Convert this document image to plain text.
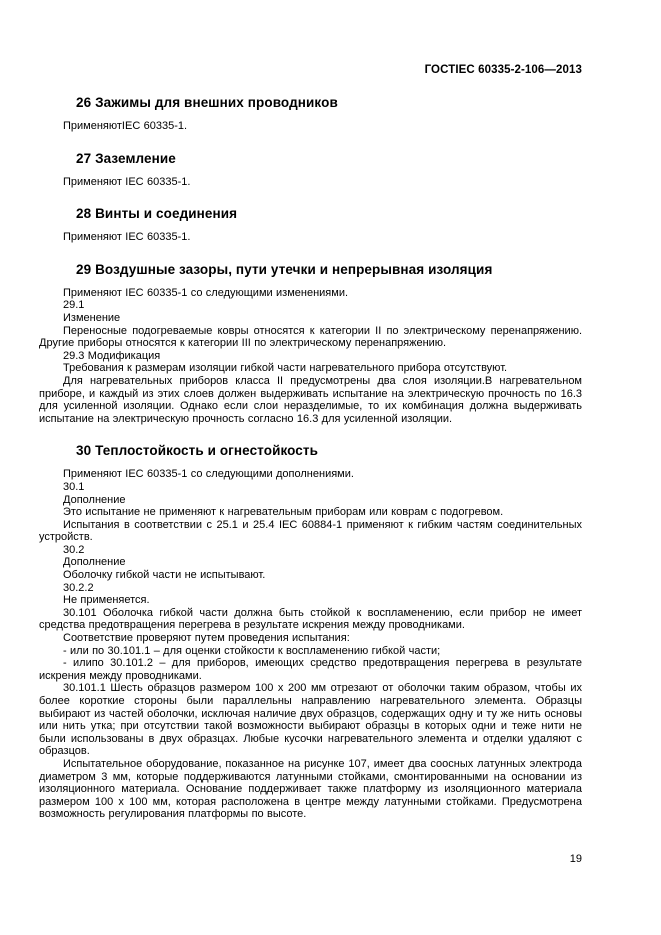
ГОСТIEC 60335-2-106—2013
26 Зажимы для внешних проводников

ПрименяютIEC 60335-1.

27 Заземление

Применяют IEC 60335-1.

28 Винты и соединения

Применяют IEC 60335-1.

29 Воздушные зазоры, пути утечки и непрерывная изоляция

Применяют IEC 60335-1 со следующими изменениями.

29.1

Изменение

Переносные подогреваемые ковры относятся к категории II по электрическому перенапряжению. Другие приборы относятся к категории III по электрическому перенапряжению.

29.3 Модификация

Требования к размерам изоляции гибкой части нагревательного прибора отсутствуют.

Для нагревательных приборов класса II предусмотрены два слоя изоляции.В нагревательном приборе, и каждый из этих слоев должен выдерживать испытание на электрическую прочность по 16.3 для усиленной изоляции. Однако если слои неразделимые, то их комбинация должна выдерживать испытание на электрическую прочность согласно 16.3 для усиленной изоляции.

30 Теплостойкость и огнестойкость

Применяют IEC 60335-1 со следующими дополнениями.

30.1

Дополнение

Это испытание не применяют к нагревательным приборам или коврам с подогревом.

Испытания в соответствии с 25.1 и 25.4 IEC 60884-1 применяют к гибким частям соединительных устройств.

30.2

Дополнение

Оболочку гибкой части не испытывают.

30.2.2

Не применяется.

30.101 Оболочка гибкой части должна быть стойкой к воспламенению, если прибор не имеет средства предотвращения перегрева в результате искрения между проводниками.

Соответствие проверяют путем проведения испытания:

- или по 30.101.1 – для оценки стойкости к воспламенению гибкой части;

- илипо 30.101.2 – для приборов, имеющих средство предотвращения перегрева в результате искрения между проводниками.

30.101.1 Шесть образцов размером 100 х 200 мм отрезают от оболочки таким образом, чтобы их более короткие стороны были параллельны направлению нагревательного элемента. Образцы выбирают из частей оболочки, исключая наличие двух образцов, содержащих одну и ту же нить основы или нить утка; при отсутствии такой возможности выбирают образцы в которых одни и теже нити не были использованы в двух образцах. Любые кусочки нагревательного элемента и отделки удаляют с образцов.

Испытательное оборудование, показанное на рисунке 107, имеет два соосных латунных электрода диаметром 3 мм, которые поддерживаются латунными стойками, смонтированными на основании из изоляционного материала. Основание поддерживает также платформу из изоляционного материала размером 100 х 100 мм, которая расположена в центре между латунными стойками. Предусмотрена возможность регулирования платформы по высоте.

19
